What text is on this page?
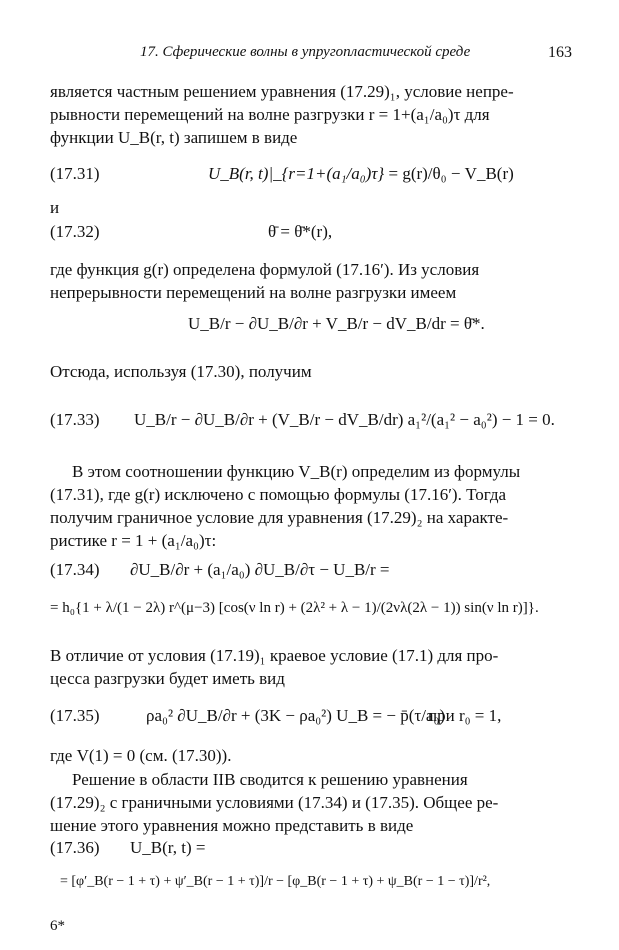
17. Сферические волны в упругопластической среде	163
является частным решением уравнения (17.29)₁, условие непре-
рывности перемещений на волне разгрузки r = 1+(a₁/a₀)τ для
функции U_B(r, t) запишем в виде
(17.31)	U_B(r, t)|_{r=1+(a₁/a₀)τ} = g(r)/θ₀ − V_B(r)
и
(17.32)	θ̄ = θ̄*(r),
где функция g(r) определена формулой (17.16′). Из условия
непрерывности перемещений на волне разгрузки имеем
U_B/r − ∂U_B/∂r + V_B/r − dV_B/dr = θ̄*.
Отсюда, используя (17.30), получим
(17.33) U_B/r − ∂U_B/∂r + (V_B/r − dV_B/dr) a₁²/(a₁² − a₀²) − 1 = 0.
В этом соотношении функцию V_B(r) определим из формулы
(17.31), где g(r) исключено с помощью формулы (17.16′). Тогда
получим граничное условие для уравнения (17.29)₂ на характе-
ристике r = 1 + (a₁/a₀)τ:
(17.34) ∂U_B/∂r + (a₁/a₀) ∂U_B/∂τ − U_B/r =
= h₀{1 + λ/(1 − 2λ) r^(μ−3) [cos(ν ln r) + (2λ² + λ − 1)/(2νλ(2λ − 1)) sin(ν ln r)]}.
В отличие от условия (17.19)₁ краевое условие (17.1) для про-
цесса разгрузки будет иметь вид
(17.35)	ρa₀² ∂U_B/∂r + (3K − ρa₀²) U_B = − p̄(τ/a₀)
при r₀ = 1,
где V(1) = 0 (см. (17.30)).
Решение в области IIB сводится к решению уравнения
(17.29)₂ с граничными условиями (17.34) и (17.35). Общее ре-
шение этого уравнения можно представить в виде
(17.36) U_B(r, t) =
= [φ′_B(r − 1 + τ) + ψ′_B(r − 1 + τ)]/r − [φ_B(r − 1 + τ) + ψ_B(r − 1 − τ)]/r²,
6*
